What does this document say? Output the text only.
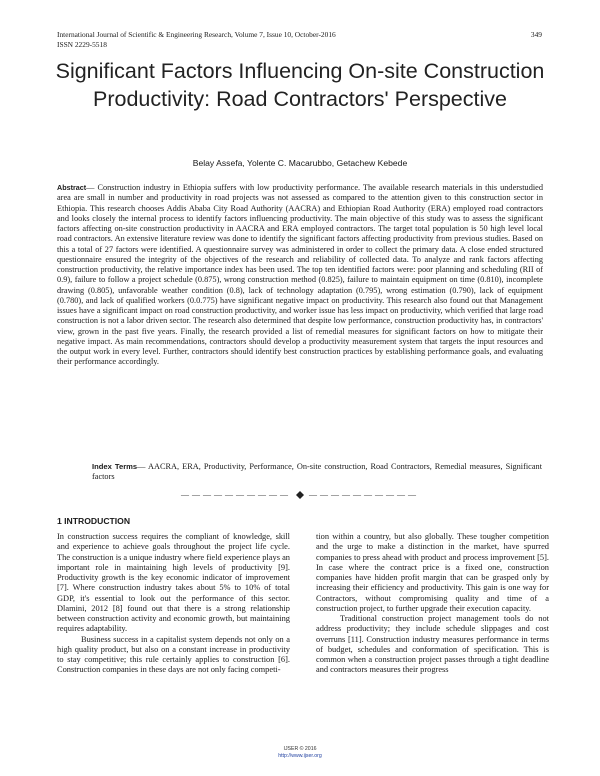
International Journal of Scientific & Engineering Research, Volume 7, Issue 10, October-2016
ISSN 2229-5518
349
Significant Factors Influencing On-site Construction Productivity: Road Contractors' Perspective
Belay Assefa, Yolente C. Macarubbo, Getachew Kebede
Abstract— Construction industry in Ethiopia suffers with low productivity performance. The available research materials in this understudied area are small in number and productivity in road projects was not assessed as compared to the attention given to this construction sector in Ethiopia. This research chooses Addis Ababa City Road Authority (AACRA) and Ethiopian Road Authority (ERA) employed road contractors and looks closely the internal process to identify factors influencing productivity. The main objective of this study was to assess the significant factors affecting on-site construction productivity in AACRA and ERA employed contractors. The target total population is 50 high level local road contractors. An extensive literature review was done to identify the significant factors affecting productivity from previous studies. Based on this a total of 27 factors were identified. A questionnaire survey was administered in order to collect the primary data. A close ended structured questionnaire ensured the integrity of the objectives of the research and reliability of collected data. To analyze and rank factors affecting construction productivity, the relative importance index has been used. The top ten identified factors were: poor planning and scheduling (RII of 0.9), failure to follow a project schedule (0.875), wrong construction method (0.825), failure to maintain equipment on time (0.810), incomplete drawing (0.805), unfavorable weather condition (0.8), lack of technology adaptation (0.795), wrong estimation (0.790), lack of equipment (0.780), and lack of qualified workers (0.0.775) have significant negative impact on productivity. This research also found out that Management issues have a significant impact on road construction productivity, and worker issue has less impact on productivity, which verified that large road construction is not a labor driven sector. The research also determined that despite low performance, construction productivity has, in contractors' view, grown in the past five years. Finally, the research provided a list of remedial measures for significant factors on how to mitigate their negative impact. As main recommendations, contractors should develop a productivity measurement system that targets the input resources and the output work in every level. Further, contractors should identify best construction practices by establishing performance goals, and evaluating their performance accordingly.
Index Terms— AACRA, ERA, Productivity, Performance, On-site construction, Road Contractors, Remedial measures, Significant factors
—————————— ——————————
1 INTRODUCTION

In construction success requires the compliant of knowledge, skill and experience to achieve goals throughout the project life cycle. The construction is a unique industry where field experience plays an important role in maintaining high levels of productivity [9]. Productivity growth is the key economic indicator of improvement [7]. Where construction industry takes about 5% to 10% of total GDP, it's essential to look out the performance of this sector. Dlamini, 2012 [8] found out that there is a strong relationship between construction activity and economic growth, but maintaining requires adaptability.

Business success in a capitalist system depends not only on a high quality product, but also on a constant increase in productivity to stay competitive; this rule certainly applies to construction [6]. Construction companies in these days are not only facing competi-

tion within a country, but also globally. These tougher competition and the urge to make a distinction in the market, have spurred companies to press ahead with product and process improvement [5]. In case where the contract price is a fixed one, construction companies have hidden profit margin that can be grasped only by increasing their efficiency and productivity. This gain is one way for Contractors, without compromising quality and time of a construction project, to further upgrade their execution capacity.

Traditional construction project management tools do not address productivity; they include schedule slippages and cost overruns [11]. Construction industry measures performance in terms of budget, schedules and conformation of specification. This is common when a construction project passes through a tight deadline and contractors measures their progress

IJSER © 2016
http://www.ijser.org
